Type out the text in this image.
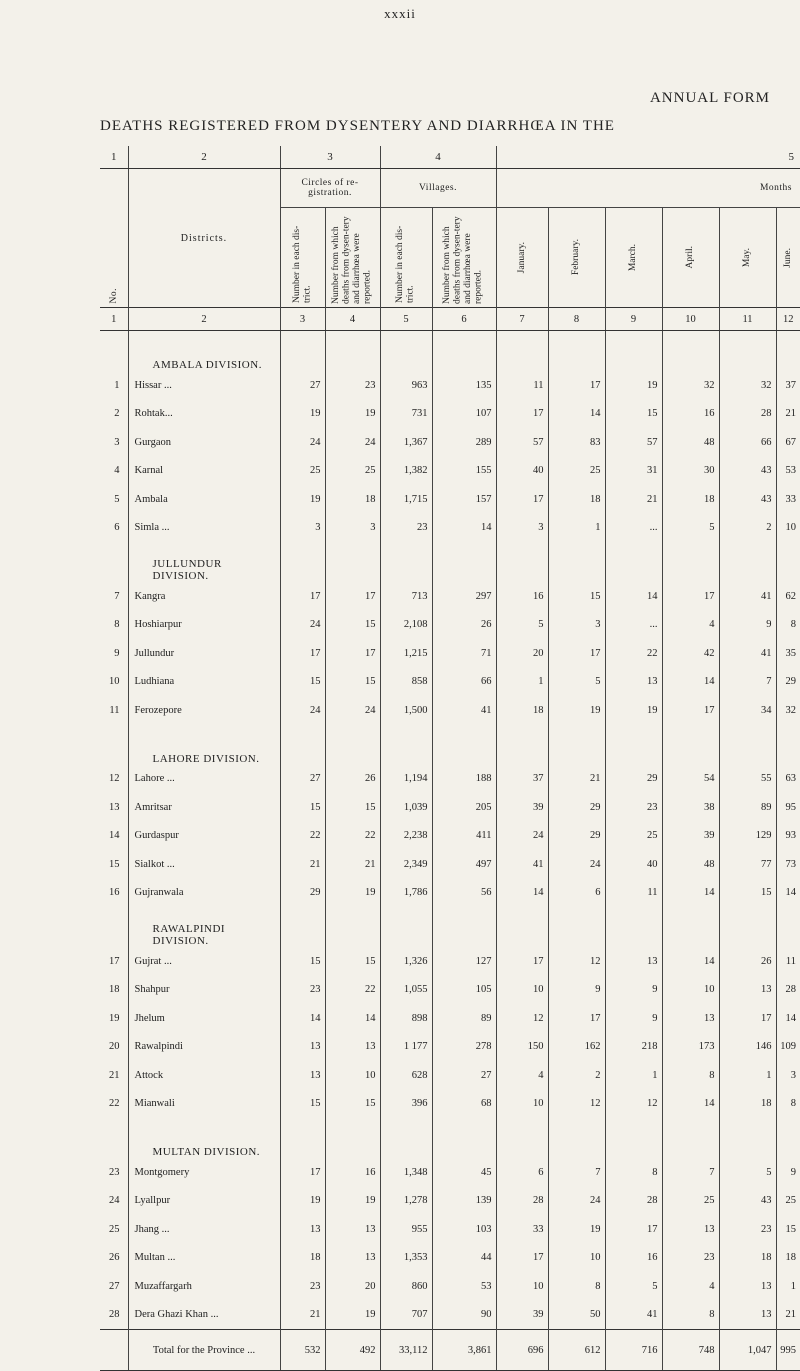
xxxii
ANNUAL FORM
DEATHS REGISTERED FROM DYSENTERY AND DIARRHŒA IN THE
1	2	3		4		5					

No.	Districts.	Circles of re-gistration.		Villages.		Months					

		Number in each dis-trict.	Number from which deaths from dysen-tery and diarrhœa were reported.	Number in each dis-trict.	Number from which deaths from dysen-tery and diarrhœa were reported.	January.	February.	March.	April.	May.	June.

1	2	3	4	5	6	7	8	9	10	11	12
	AMBALA DIVISION.										
1	Hissar ...	27	23	963	135	11	17	19	32	32	37
2	Rohtak...	19	19	731	107	17	14	15	16	28	21
3	Gurgaon	24	24	1,367	289	57	83	57	48	66	67
4	Karnal	25	25	1,382	155	40	25	31	30	43	53
5	Ambala	19	18	1,715	157	17	18	21	18	43	33
6	Simla ...	3	3	23	14	3	1	...	5	2	10
	JULLUNDUR DIVISION.										
7	Kangra	17	17	713	297	16	15	14	17	41	62
8	Hoshiarpur	24	15	2,108	26	5	3	...	4	9	8
9	Jullundur	17	17	1,215	71	20	17	22	42	41	35
10	Ludhiana	15	15	858	66	1	5	13	14	7	29
11	Ferozepore	24	24	1,500	41	18	19	19	17	34	32
	LAHORE DIVISION.										
12	Lahore ...	27	26	1,194	188	37	21	29	54	55	63
13	Amritsar	15	15	1,039	205	39	29	23	38	89	95
14	Gurdaspur	22	22	2,238	411	24	29	25	39	129	93
15	Sialkot ...	21	21	2,349	497	41	24	40	48	77	73
16	Gujranwala	29	19	1,786	56	14	6	11	14	15	14
	RAWALPINDI DIVISION.										
17	Gujrat ...	15	15	1,326	127	17	12	13	14	26	11
18	Shahpur	23	22	1,055	105	10	9	9	10	13	28
19	Jhelum	14	14	898	89	12	17	9	13	17	14
20	Rawalpindi	13	13	1 177	278	150	162	218	173	146	109
21	Attock	13	10	628	27	4	2	1	8	1	3
22	Mianwali	15	15	396	68	10	12	12	14	18	8
	MULTAN DIVISION.										
23	Montgomery	17	16	1,348	45	6	7	8	7	5	9
24	Lyallpur	19	19	1,278	139	28	24	28	25	43	25
25	Jhang ...	13	13	955	103	33	19	17	13	23	15
26	Multan ...	18	13	1,353	44	17	10	16	23	18	18
27	Muzaffargarh	23	20	860	53	10	8	5	4	13	1
28	Dera Ghazi Khan ...	21	19	707	90	39	50	41	8	13	21
	Total for the Province ...	532	492	33,112	3,861	696	612	716	748	1,047	995
